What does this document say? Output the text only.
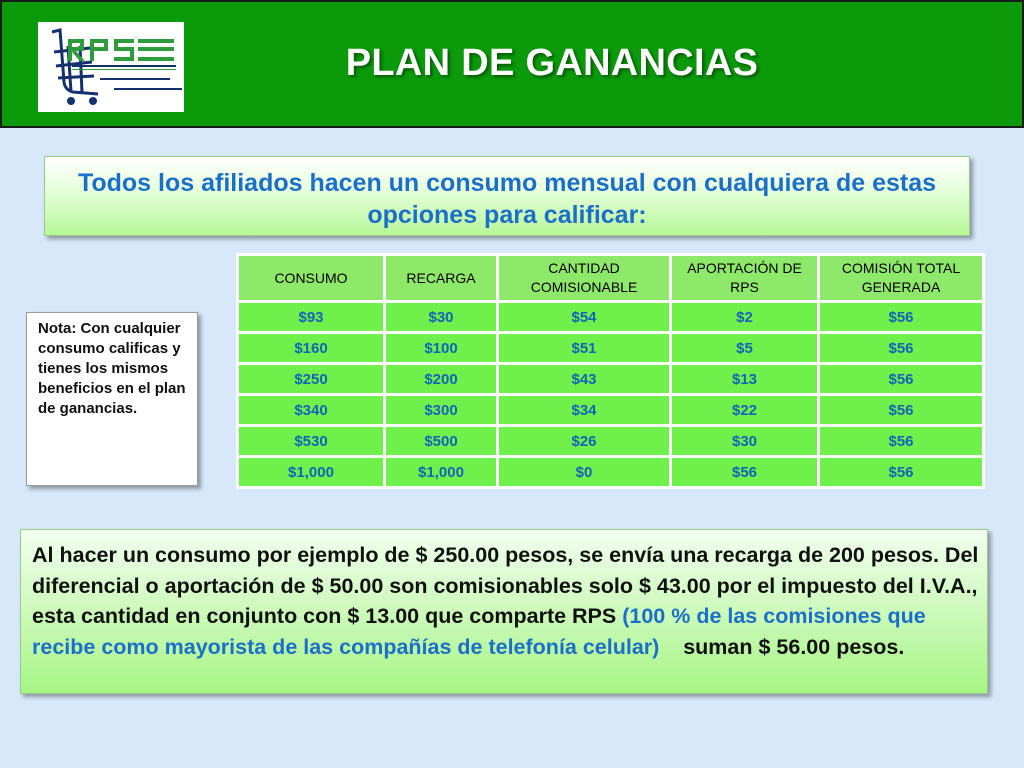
PLAN DE GANANCIAS
Todos los afiliados hacen un consumo mensual con cualquiera de estas opciones para calificar:
Nota: Con cualquier consumo calificas y tienes los mismos beneficios en el plan de ganancias.
CONSUMO	RECARGA	CANTIDAD COMISIONABLE	APORTACIÓN DE RPS	COMISIÓN TOTAL GENERADA
$93	$30	$54	$2	$56
$160	$100	$51	$5	$56
$250	$200	$43	$13	$56
$340	$300	$34	$22	$56
$530	$500	$26	$30	$56
$1,000	$1,000	$0	$56	$56
Al hacer un consumo por ejemplo de $ 250.00 pesos, se envía una recarga de 200 pesos. Del diferencial o aportación de $ 50.00 son comisionables solo $ 43.00 por el impuesto del I.V.A., esta cantidad en conjunto con $ 13.00 que comparte RPS (100 % de las comisiones que recibe como mayorista de las compañías de telefonía celular)    suman $ 56.00 pesos.
